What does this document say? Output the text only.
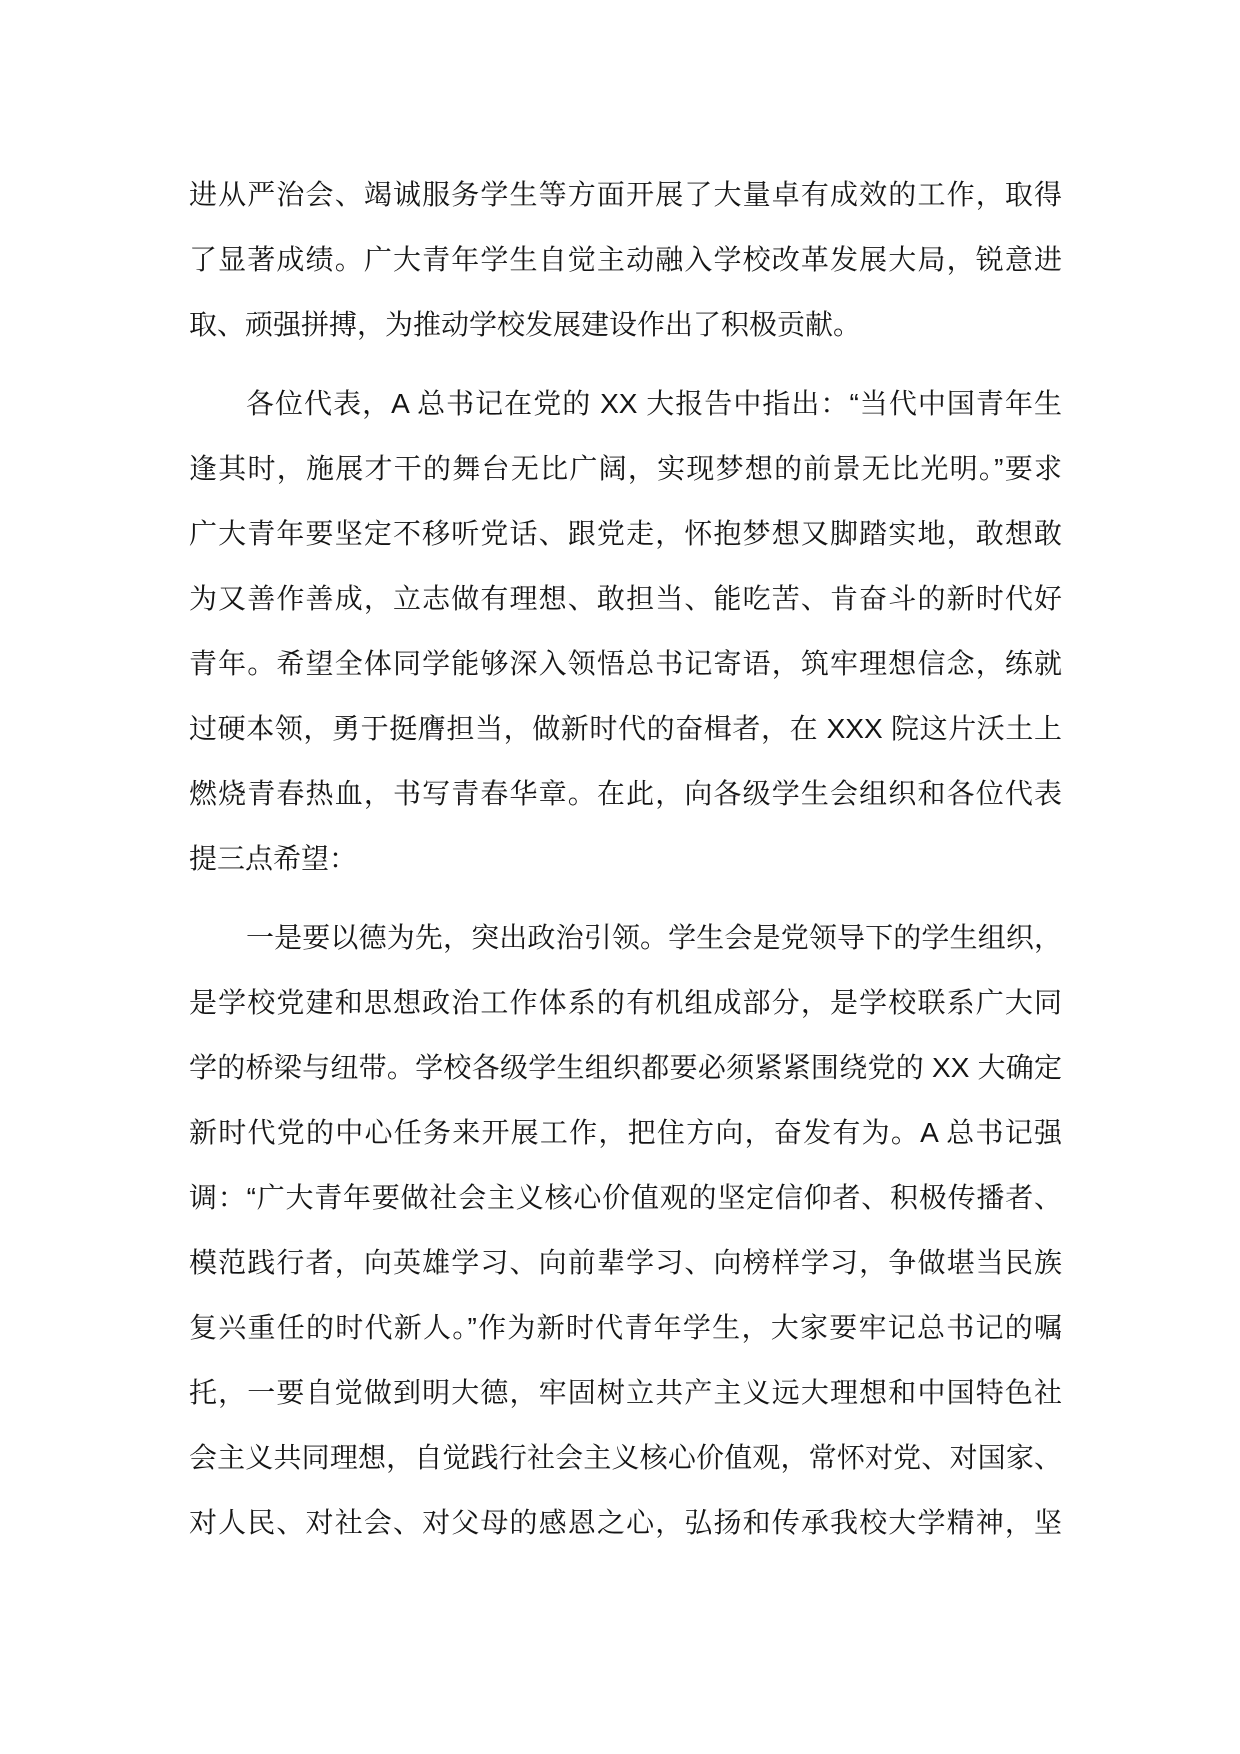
进从严治会、竭诚服务学生等方面开展了大量卓有成效的工作，取得
了显著成绩。广大青年学生自觉主动融入学校改革发展大局，锐意进
取、顽强拼搏，为推动学校发展建设作出了积极贡献。
各位代表，A 总书记在党的 XX 大报告中指出：“当代中国青年生
逢其时，施展才干的舞台无比广阔，实现梦想的前景无比光明。”要求
广大青年要坚定不移听党话、跟党走，怀抱梦想又脚踏实地，敢想敢
为又善作善成，立志做有理想、敢担当、能吃苦、肯奋斗的新时代好
青年。希望全体同学能够深入领悟总书记寄语，筑牢理想信念，练就
过硬本领，勇于挺膺担当，做新时代的奋楫者，在 XXX 院这片沃土上
燃烧青春热血，书写青春华章。在此，向各级学生会组织和各位代表
提三点希望：
一是要以德为先，突出政治引领。学生会是党领导下的学生组织，
是学校党建和思想政治工作体系的有机组成部分，是学校联系广大同
学的桥梁与纽带。学校各级学生组织都要必须紧紧围绕党的 XX 大确定
新时代党的中心任务来开展工作，把住方向，奋发有为。A 总书记强
调：“广大青年要做社会主义核心价值观的坚定信仰者、积极传播者、
模范践行者，向英雄学习、向前辈学习、向榜样学习，争做堪当民族
复兴重任的时代新人。”作为新时代青年学生，大家要牢记总书记的嘱
托，一要自觉做到明大德，牢固树立共产主义远大理想和中国特色社
会主义共同理想，自觉践行社会主义核心价值观，常怀对党、对国家、
对人民、对社会、对父母的感恩之心，弘扬和传承我校大学精神，坚
